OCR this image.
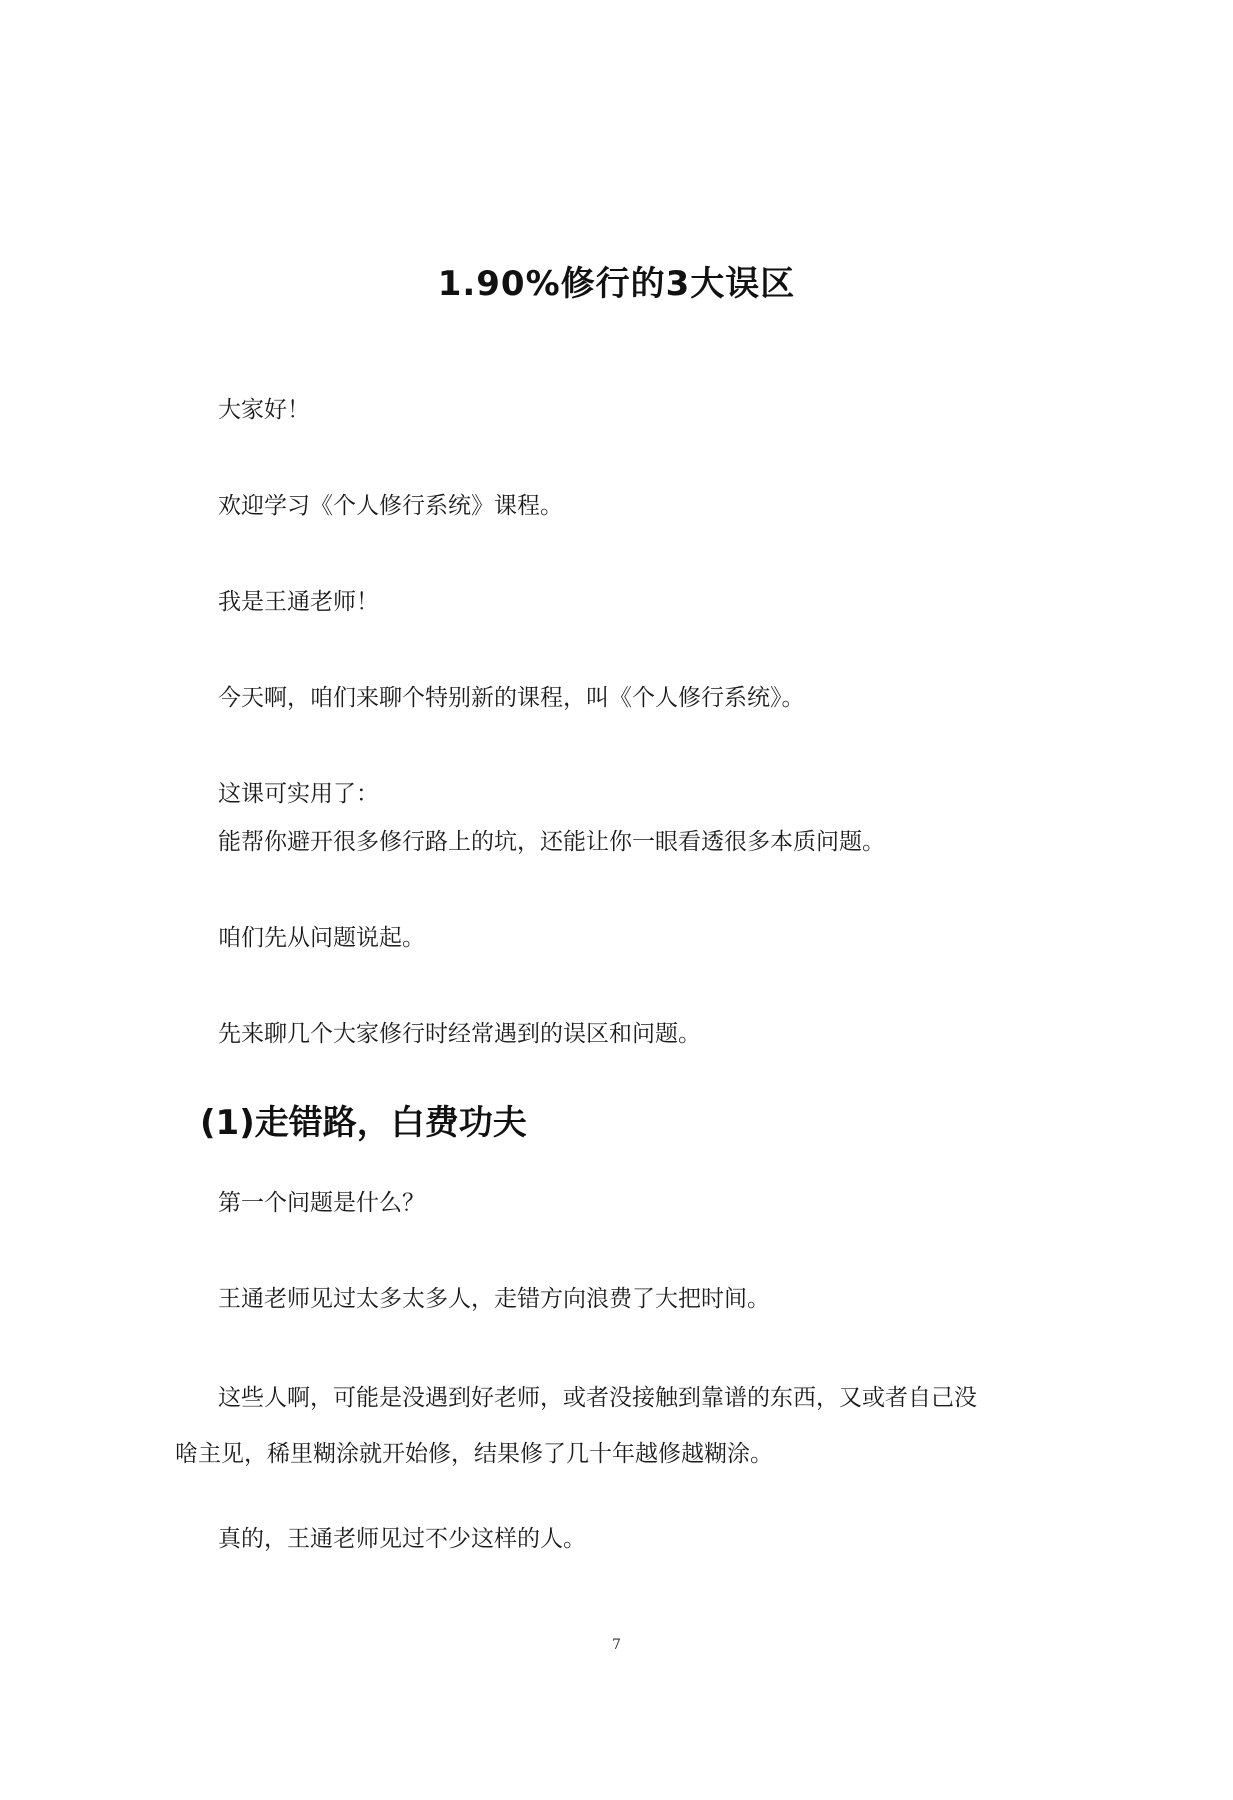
1.90%修行的3大误区
大家好！
欢迎学习《个人修行系统》课程。
我是王通老师！
今天啊，咱们来聊个特别新的课程，叫《个人修行系统》。
这课可实用了：
能帮你避开很多修行路上的坑，还能让你一眼看透很多本质问题。
咱们先从问题说起。
先来聊几个大家修行时经常遇到的误区和问题。
(1)走错路，白费功夫
第一个问题是什么？
王通老师见过太多太多人，走错方向浪费了大把时间。
这些人啊，可能是没遇到好老师，或者没接触到靠谱的东西，又或者自己没
啥主见，稀里糊涂就开始修，结果修了几十年越修越糊涂。
真的，王通老师见过不少这样的人。
7
